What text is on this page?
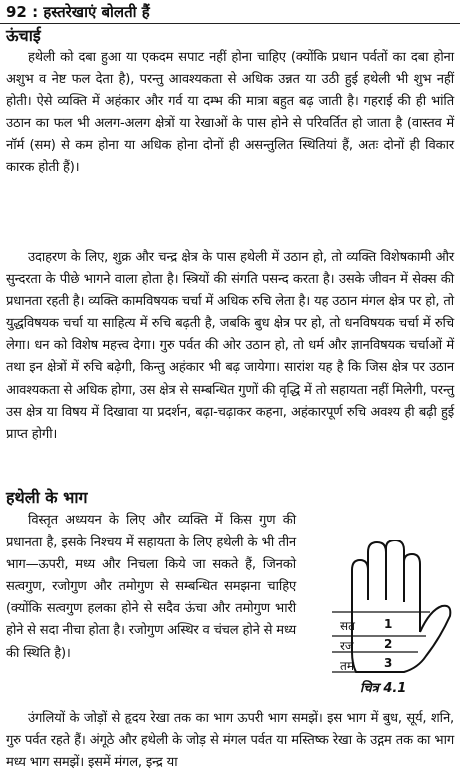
92 : हस्तरेखाएं बोलती हैं
ऊंचाई

हथेली को दबा हुआ या एकदम सपाट नहीं होना चाहिए (क्योंकि प्रधान पर्वतों का दबा होना अशुभ व नेष्ट फल देता है), परन्तु आवश्यकता से अधिक उन्नत या उठी हुई हथेली भी शुभ नहीं होती। ऐसे व्यक्ति में अहंकार और गर्व या दम्भ की मात्रा बहुत बढ़ जाती है। गहराई की ही भांति उठान का फल भी अलग-अलग क्षेत्रों या रेखाओं के पास होने से परिवर्तित हो जाता है (वास्तव में नॉर्म (सम) से कम होना या अधिक होना दोनों ही असन्तुलित स्थितियां हैं, अतः दोनों ही विकार कारक होती हैं)।

उदाहरण के लिए, शुक्र और चन्द्र क्षेत्र के पास हथेली में उठान हो, तो व्यक्ति विशेषकामी और सुन्दरता के पीछे भागने वाला होता है। स्त्रियों की संगति पसन्द करता है। उसके जीवन में सेक्स की प्रधानता रहती है। व्यक्ति कामविषयक चर्चा में अधिक रुचि लेता है। यह उठान मंगल क्षेत्र पर हो, तो युद्धविषयक चर्चा या साहित्य में रुचि बढ़ती है, जबकि बुध क्षेत्र पर हो, तो धनविषयक चर्चा में रुचि लेगा। धन को विशेष महत्त्व देगा। गुरु पर्वत की ओर उठान हो, तो धर्म और ज्ञानविषयक चर्चाओं में तथा इन क्षेत्रों में रुचि बढ़ेगी, किन्तु अहंकार भी बढ़ जायेगा। सारांश यह है कि जिस क्षेत्र पर उठान आवश्यकता से अधिक होगा, उस क्षेत्र से सम्बन्धित गुणों की वृद्धि में तो सहायता नहीं मिलेगी, परन्तु उस क्षेत्र या विषय में दिखावा या प्रदर्शन, बढ़ा-चढ़ाकर कहना, अहंकारपूर्ण रुचि अवश्य ही बढ़ी हुई प्राप्त होगी।

हथेली के भाग

विस्तृत अध्ययन के लिए और व्यक्ति में किस गुण की प्रधानता है, इसके निश्चय में सहायता के लिए हथेली के भी तीन भाग—ऊपरी, मध्य और निचला किये जा सकते हैं, जिनको सत्वगुण, रजोगुण और तमोगुण से सम्बन्धित समझना चाहिए (क्योंकि सत्वगुण हलका होने से सदैव ऊंचा और तमोगुण भारी होने से सदा नीचा होता है। रजोगुण अस्थिर व चंचल होने से मध्य की स्थिति है)।

उंगलियों के जोड़ों से हृदय रेखा तक का भाग ऊपरी भाग समझें। इस भाग में बुध, सूर्य, शनि, गुरु पर्वत रहते हैं। अंगूठे और हथेली के जोड़ से मंगल पर्वत या मस्तिष्क रेखा के उद्गम तक का भाग मध्य भाग समझें। इसमें मंगल, इन्द्र या

सत
रज
तम
1
2
3
चित्र 4.1
